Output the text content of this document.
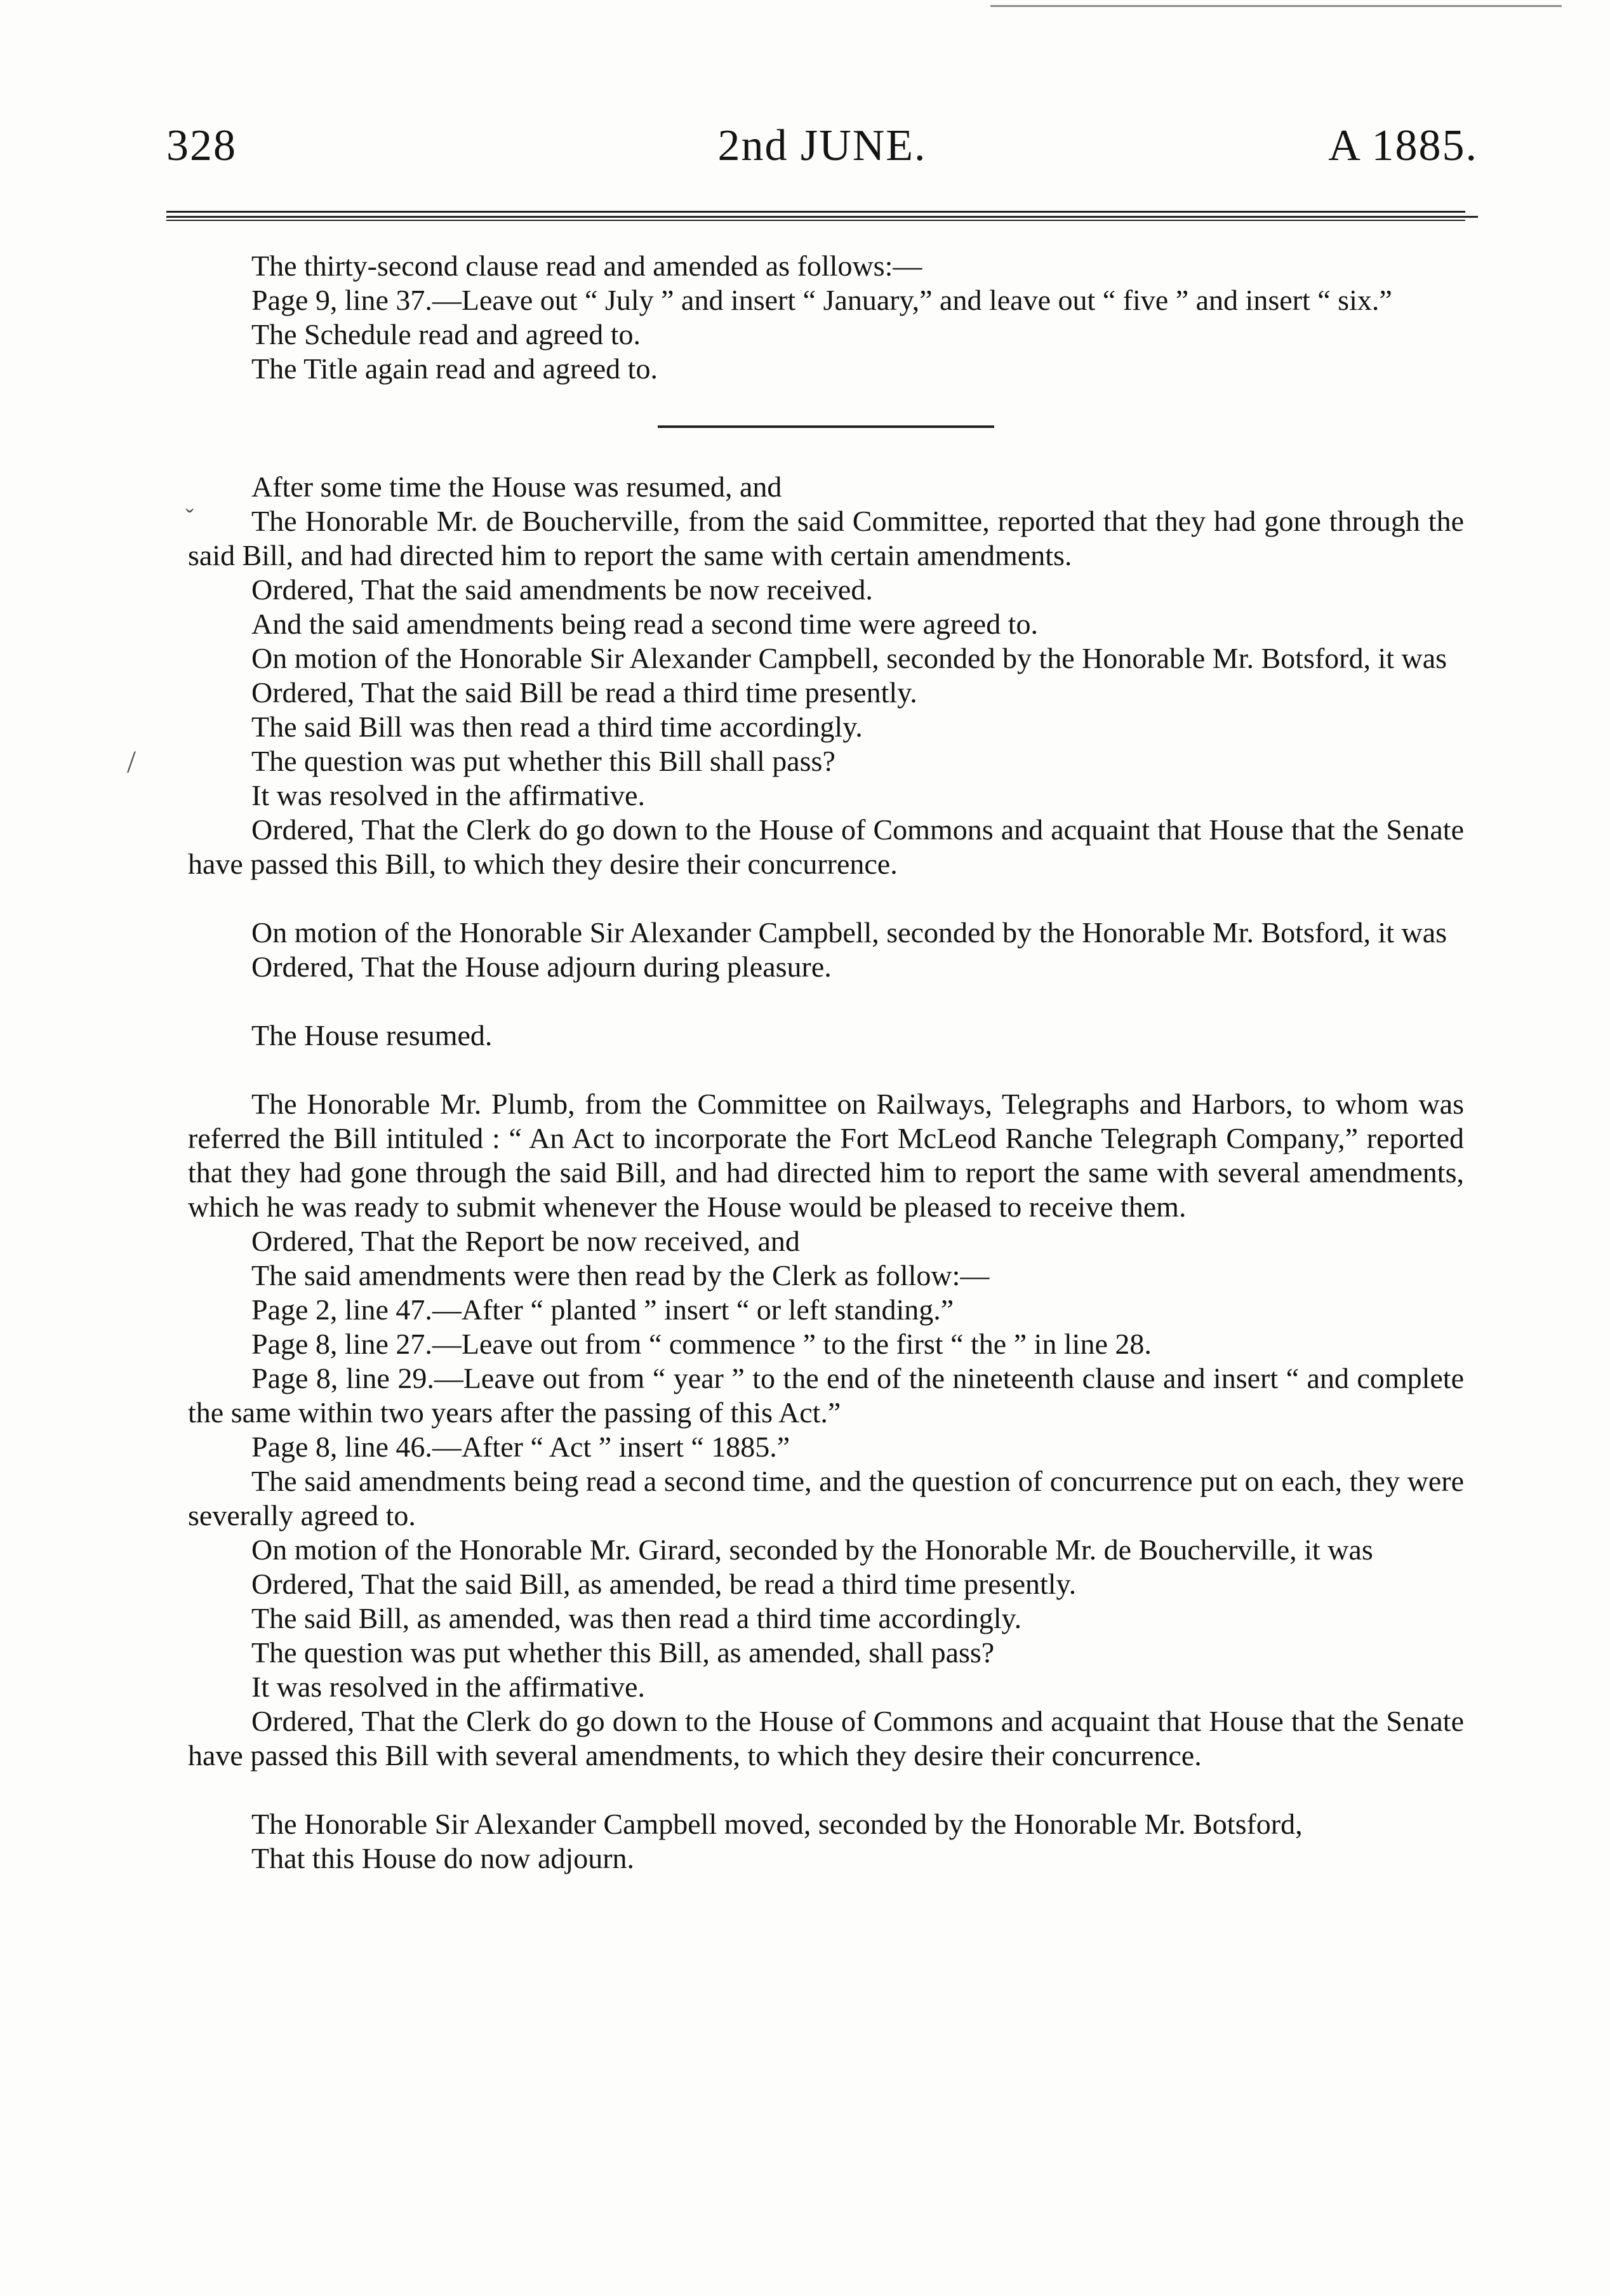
328	2nd JUNE.	A 1885.
ˇ
/

The thirty-second clause read and amended as follows:—

Page 9, line 37.—Leave out “ July ” and insert “ January,” and leave out “ five ” and insert “ six.”

The Schedule read and agreed to.

The Title again read and agreed to.

After some time the House was resumed, and

The Honorable Mr. de Boucherville, from the said Committee, reported that they had gone through the said Bill, and had directed him to report the same with certain amendments.

Ordered, That the said amendments be now received.

And the said amendments being read a second time were agreed to.

On motion of the Honorable Sir Alexander Campbell, seconded by the Honorable Mr. Botsford, it was

Ordered, That the said Bill be read a third time presently.

The said Bill was then read a third time accordingly.

The question was put whether this Bill shall pass?

It was resolved in the affirmative.

Ordered, That the Clerk do go down to the House of Commons and acquaint that House that the Senate have passed this Bill, to which they desire their concurrence.

On motion of the Honorable Sir Alexander Campbell, seconded by the Honorable Mr. Botsford, it was

Ordered, That the House adjourn during pleasure.

The House resumed.

The Honorable Mr. Plumb, from the Committee on Railways, Telegraphs and Harbors, to whom was referred the Bill intituled : “ An Act to incorporate the Fort McLeod Ranche Telegraph Company,” reported that they had gone through the said Bill, and had directed him to report the same with several amendments, which he was ready to submit whenever the House would be pleased to receive them.

Ordered, That the Report be now received, and

The said amendments were then read by the Clerk as follow:—

Page 2, line 47.—After “ planted ” insert “ or left standing.”

Page 8, line 27.—Leave out from “ commence ” to the first “ the ” in line 28.

Page 8, line 29.—Leave out from “ year ” to the end of the nineteenth clause and insert “ and complete the same within two years after the passing of this Act.”

Page 8, line 46.—After “ Act ” insert “ 1885.”

The said amendments being read a second time, and the question of concurrence put on each, they were severally agreed to.

On motion of the Honorable Mr. Girard, seconded by the Honorable Mr. de Boucherville, it was

Ordered, That the said Bill, as amended, be read a third time presently.

The said Bill, as amended, was then read a third time accordingly.

The question was put whether this Bill, as amended, shall pass?

It was resolved in the affirmative.

Ordered, That the Clerk do go down to the House of Commons and acquaint that House that the Senate have passed this Bill with several amendments, to which they desire their concurrence.

The Honorable Sir Alexander Campbell moved, seconded by the Honorable Mr. Botsford,

That this House do now adjourn.
